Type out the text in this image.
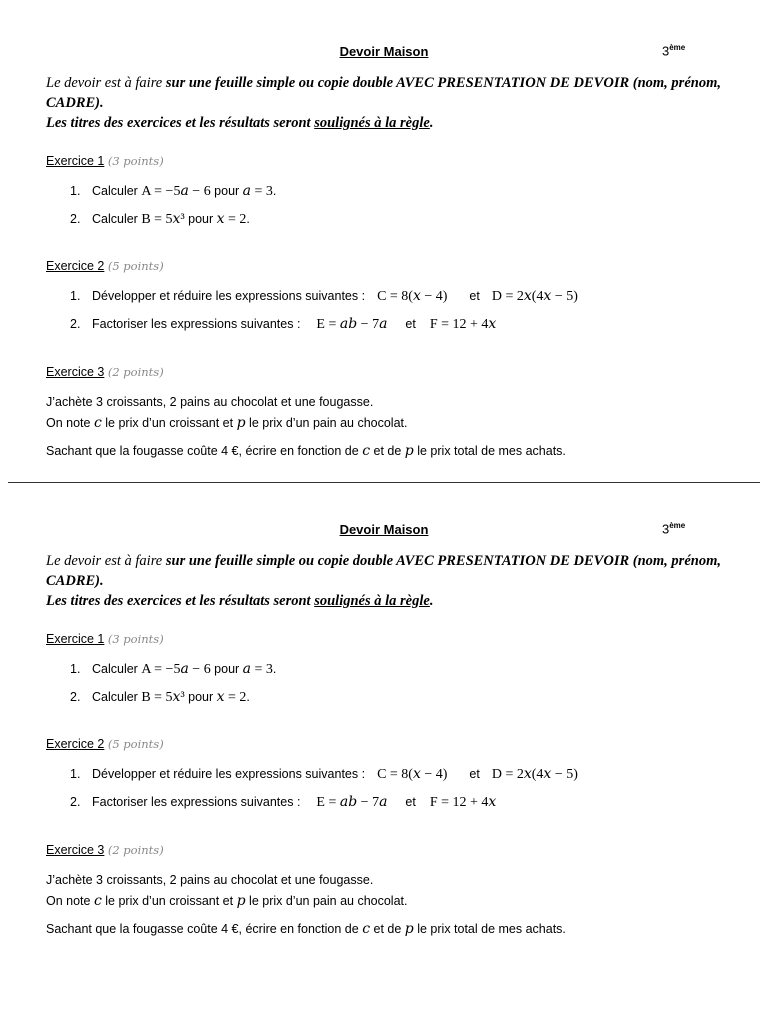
Devoir Maison	3ème
Le devoir est à faire sur une feuille simple ou copie double AVEC PRESENTATION DE DEVOIR (nom, prénom, CADRE).
Les titres des exercices et les résultats seront soulignés à la règle.
Exercice 1 (3 points)
1. Calculer A = −5𝑎 − 6 pour 𝑎 = 3.
2. Calculer B = 5𝑥³ pour 𝑥 = 2.
Exercice 2 (5 points)
1. Développer et réduire les expressions suivantes : C = 8(𝑥 − 4) et D = 2𝑥(4𝑥 − 5)
2. Factoriser les expressions suivantes : E = 𝑎𝑏 − 7𝑎 et F = 12 + 4𝑥
Exercice 3 (2 points)
J’achète 3 croissants, 2 pains au chocolat et une fougasse.
On note 𝑐 le prix d’un croissant et 𝑝 le prix d’un pain au chocolat.
Sachant que la fougasse coûte 4 €, écrire en fonction de 𝑐 et de 𝑝 le prix total de mes achats.
Devoir Maison	3ème
Le devoir est à faire sur une feuille simple ou copie double AVEC PRESENTATION DE DEVOIR (nom, prénom, CADRE).
Les titres des exercices et les résultats seront soulignés à la règle.
Exercice 1 (3 points)
1. Calculer A = −5𝑎 − 6 pour 𝑎 = 3.
2. Calculer B = 5𝑥³ pour 𝑥 = 2.
Exercice 2 (5 points)
1. Développer et réduire les expressions suivantes : C = 8(𝑥 − 4) et D = 2𝑥(4𝑥 − 5)
2. Factoriser les expressions suivantes : E = 𝑎𝑏 − 7𝑎 et F = 12 + 4𝑥
Exercice 3 (2 points)
J’achète 3 croissants, 2 pains au chocolat et une fougasse.
On note 𝑐 le prix d’un croissant et 𝑝 le prix d’un pain au chocolat.
Sachant que la fougasse coûte 4 €, écrire en fonction de 𝑐 et de 𝑝 le prix total de mes achats.
